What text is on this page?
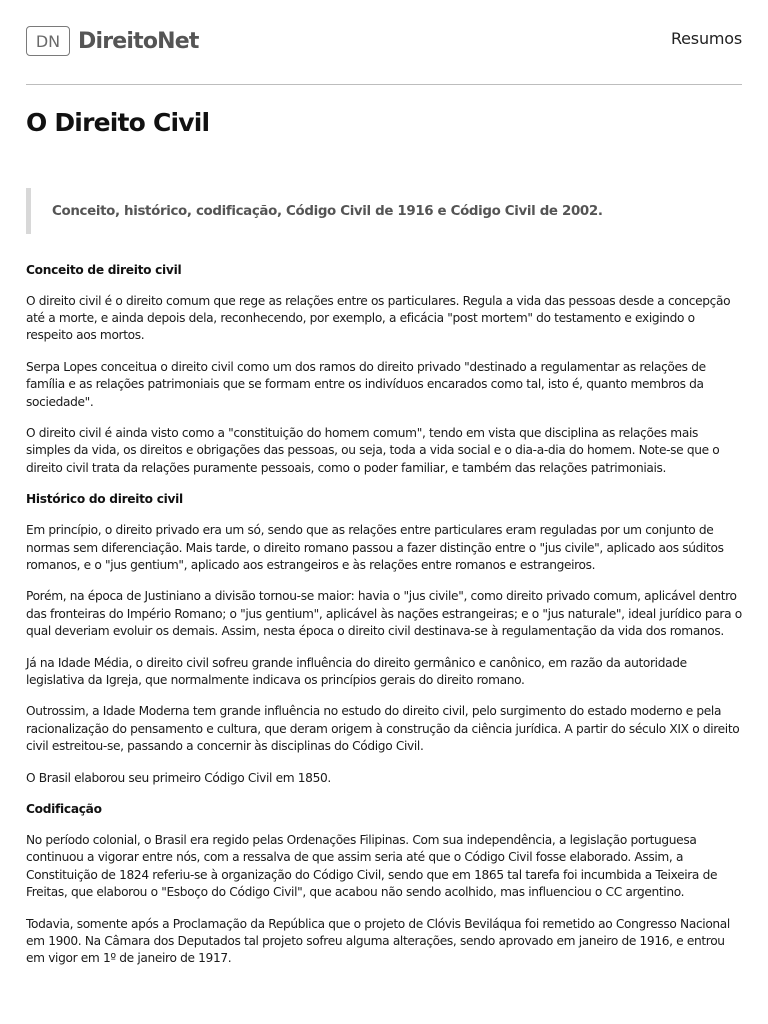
DN DireitoNet	Resumos
O Direito Civil

Conceito, histórico, codificação, Código Civil de 1916 e Código Civil de 2002.

Conceito de direito civil

O direito civil é o direito comum que rege as relações entre os particulares. Regula a vida das pessoas desde a concepção até a morte, e ainda depois dela, reconhecendo, por exemplo, a eficácia "post mortem" do testamento e exigindo o respeito aos mortos.

Serpa Lopes conceitua o direito civil como um dos ramos do direito privado "destinado a regulamentar as relações de família e as relações patrimoniais que se formam entre os indivíduos encarados como tal, isto é, quanto membros da sociedade".

O direito civil é ainda visto como a "constituição do homem comum", tendo em vista que disciplina as relações mais simples da vida, os direitos e obrigações das pessoas, ou seja, toda a vida social e o dia-a-dia do homem. Note-se que o direito civil trata da relações puramente pessoais, como o poder familiar, e também das relações patrimoniais.

Histórico do direito civil

Em princípio, o direito privado era um só, sendo que as relações entre particulares eram reguladas por um conjunto de normas sem diferenciação. Mais tarde, o direito romano passou a fazer distinção entre o "jus civile", aplicado aos súditos romanos, e o "jus gentium", aplicado aos estrangeiros e às relações entre romanos e estrangeiros.

Porém, na época de Justiniano a divisão tornou-se maior: havia o "jus civile", como direito privado comum, aplicável dentro das fronteiras do Império Romano; o "jus gentium", aplicável às nações estrangeiras; e o "jus naturale", ideal jurídico para o qual deveriam evoluir os demais. Assim, nesta época o direito civil destinava-se à regulamentação da vida dos romanos.

Já na Idade Média, o direito civil sofreu grande influência do direito germânico e canônico, em razão da autoridade legislativa da Igreja, que normalmente indicava os princípios gerais do direito romano.

Outrossim, a Idade Moderna tem grande influência no estudo do direito civil, pelo surgimento do estado moderno e pela racionalização do pensamento e cultura, que deram origem à construção da ciência jurídica. A partir do século XIX o direito civil estreitou-se, passando a concernir às disciplinas do Código Civil.

O Brasil elaborou seu primeiro Código Civil em 1850.

Codificação

No período colonial, o Brasil era regido pelas Ordenações Filipinas. Com sua independência, a legislação portuguesa continuou a vigorar entre nós, com a ressalva de que assim seria até que o Código Civil fosse elaborado. Assim, a Constituição de 1824 referiu-se à organização do Código Civil, sendo que em 1865 tal tarefa foi incumbida a Teixeira de Freitas, que elaborou o "Esboço do Código Civil", que acabou não sendo acolhido, mas influenciou o CC argentino.

Todavia, somente após a Proclamação da República que o projeto de Clóvis Beviláqua foi remetido ao Congresso Nacional em 1900. Na Câmara dos Deputados tal projeto sofreu alguma alterações, sendo aprovado em janeiro de 1916, e entrou em vigor em 1º de janeiro de 1917.
